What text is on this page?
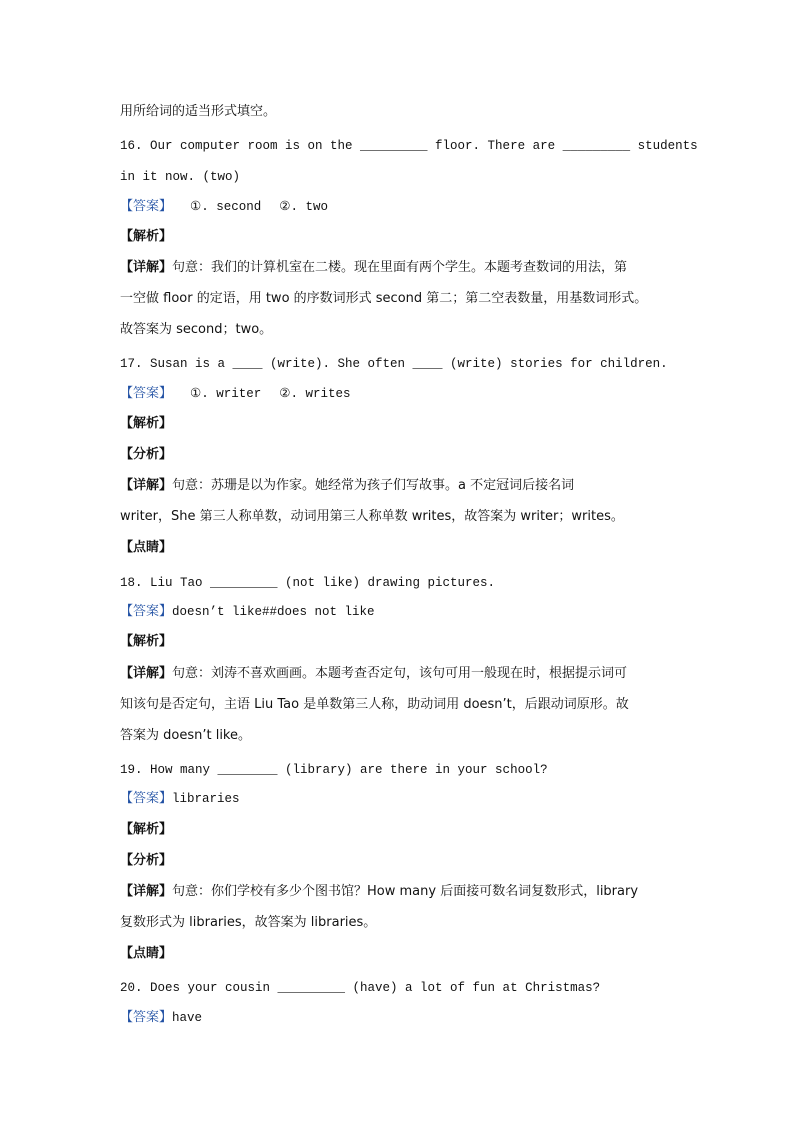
用所给词的适当形式填空。
16. Our computer room is on the _________ floor. There are _________ students
in it now. (two)
【答案】 ①. second ②. two
【解析】
【详解】句意：我们的计算机室在二楼。现在里面有两个学生。本题考查数词的用法，第
一空做 floor 的定语，用 two 的序数词形式 second 第二；第二空表数量，用基数词形式。
故答案为 second；two。
17. Susan is a ____ (write). She often ____ (write) stories for children.
【答案】 ①. writer ②. writes
【解析】
【分析】
【详解】句意：苏珊是以为作家。她经常为孩子们写故事。a 不定冠词后接名词
writer，She 第三人称单数，动词用第三人称单数 writes，故答案为 writer；writes。
【点睛】
18. Liu Tao _________ (not like) drawing pictures.
【答案】doesn’t like##does not like
【解析】
【详解】句意：刘涛不喜欢画画。本题考查否定句，该句可用一般现在时，根据提示词可
知该句是否定句，主语 Liu Tao 是单数第三人称，助动词用 doesn’t，后跟动词原形。故
答案为 doesn’t like。
19. How many ________ (library) are there in your school?
【答案】libraries
【解析】
【分析】
【详解】句意：你们学校有多少个图书馆？How many 后面接可数名词复数形式，library
复数形式为 libraries，故答案为 libraries。
【点睛】
20. Does your cousin _________ (have) a lot of fun at Christmas?
【答案】have
